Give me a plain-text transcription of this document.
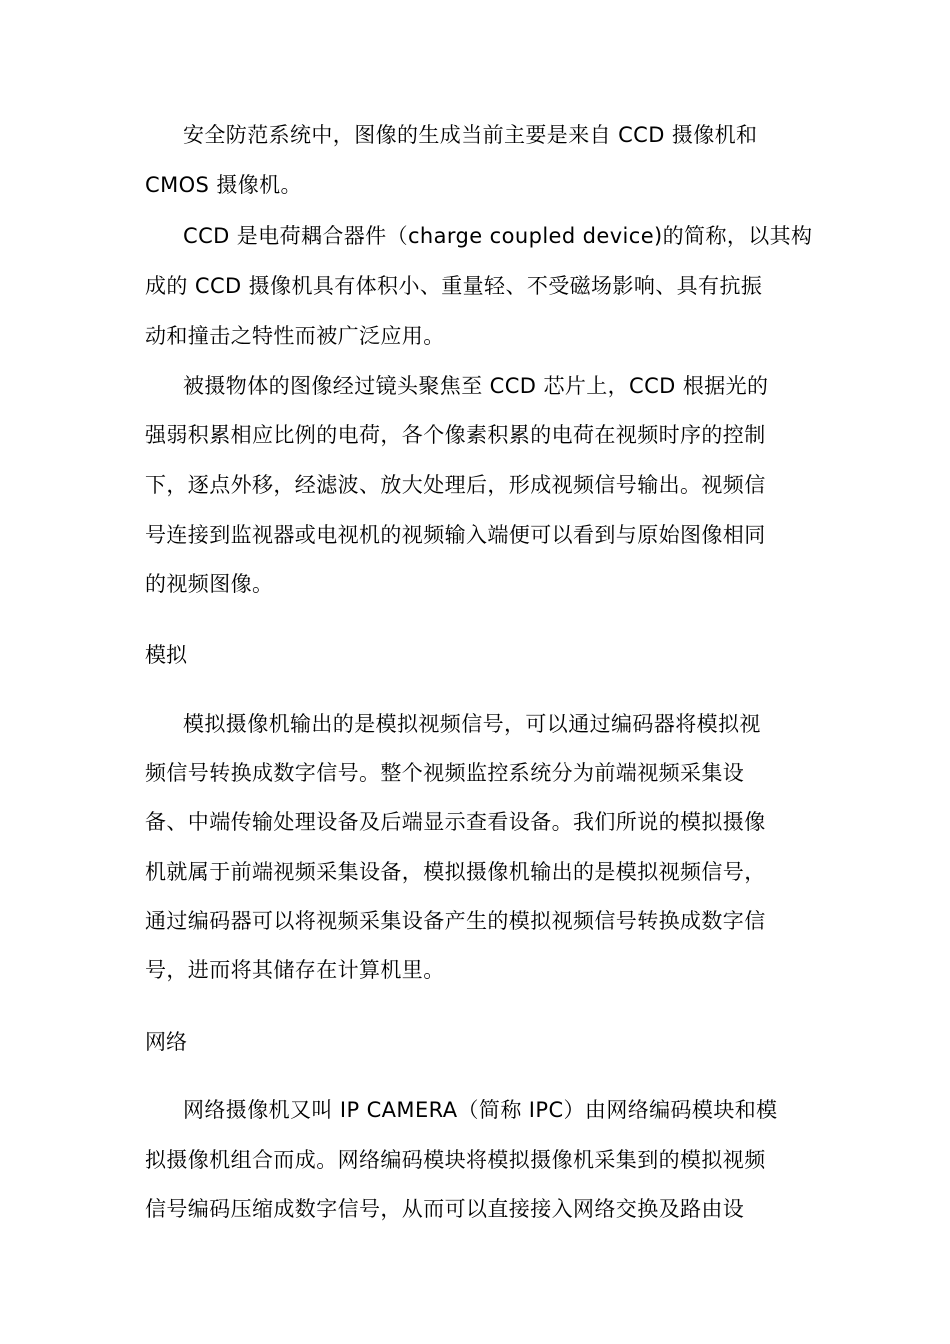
安全防范系统中，图像的生成当前主要是来自 CCD 摄像机和
CMOS 摄像机。
CCD 是电荷耦合器件（charge coupled device)的简称，以其构
成的 CCD 摄像机具有体积小、重量轻、不受磁场影响、具有抗振
动和撞击之特性而被广泛应用。
被摄物体的图像经过镜头聚焦至 CCD 芯片上，CCD 根据光的
强弱积累相应比例的电荷，各个像素积累的电荷在视频时序的控制
下，逐点外移，经滤波、放大处理后，形成视频信号输出。视频信
号连接到监视器或电视机的视频输入端便可以看到与原始图像相同
的视频图像。
模拟
模拟摄像机输出的是模拟视频信号，可以通过编码器将模拟视
频信号转换成数字信号。整个视频监控系统分为前端视频采集设
备、中端传输处理设备及后端显示查看设备。我们所说的模拟摄像
机就属于前端视频采集设备，模拟摄像机输出的是模拟视频信号，
通过编码器可以将视频采集设备产生的模拟视频信号转换成数字信
号，进而将其储存在计算机里。
网络
网络摄像机又叫 IP CAMERA（简称 IPC）由网络编码模块和模
拟摄像机组合而成。网络编码模块将模拟摄像机采集到的模拟视频
信号编码压缩成数字信号，从而可以直接接入网络交换及路由设
